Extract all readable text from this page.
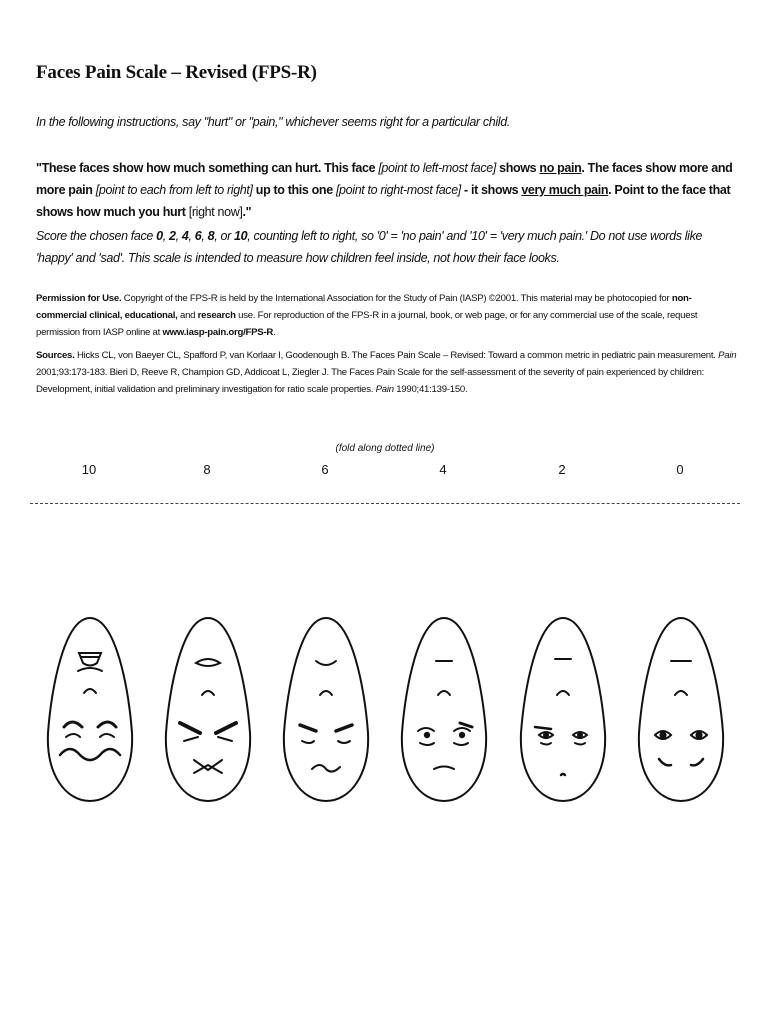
Faces Pain Scale – Revised (FPS-R)
In the following instructions, say "hurt" or "pain," whichever seems right for a particular child.
"These faces show how much something can hurt. This face [point to left-most face] shows no pain. The faces show more and more pain [point to each from left to right] up to this one [point to right-most face] - it shows very much pain. Point to the face that shows how much you hurt [right now]."
Score the chosen face 0, 2, 4, 6, 8, or 10, counting left to right, so '0' = 'no pain' and '10' = 'very much pain.' Do not use words like 'happy' and 'sad'. This scale is intended to measure how children feel inside, not how their face looks.
Permission for Use. Copyright of the FPS-R is held by the International Association for the Study of Pain (IASP) ©2001. This material may be photocopied for non-commercial clinical, educational, and research use. For reproduction of the FPS-R in a journal, book, or web page, or for any commercial use of the scale, request permission from IASP online at www.iasp-pain.org/FPS-R.
Sources. Hicks CL, von Baeyer CL, Spafford P, van Korlaar I, Goodenough B. The Faces Pain Scale – Revised: Toward a common metric in pediatric pain measurement. Pain 2001;93:173-183. Bieri D, Reeve R, Champion GD, Addicoat L, Ziegler J. The Faces Pain Scale for the self-assessment of the severity of pain experienced by children: Development, initial validation and preliminary investigation for ratio scale properties. Pain 1990;41:139-150.
(fold along dotted line)
10	8	6	4	2	0
